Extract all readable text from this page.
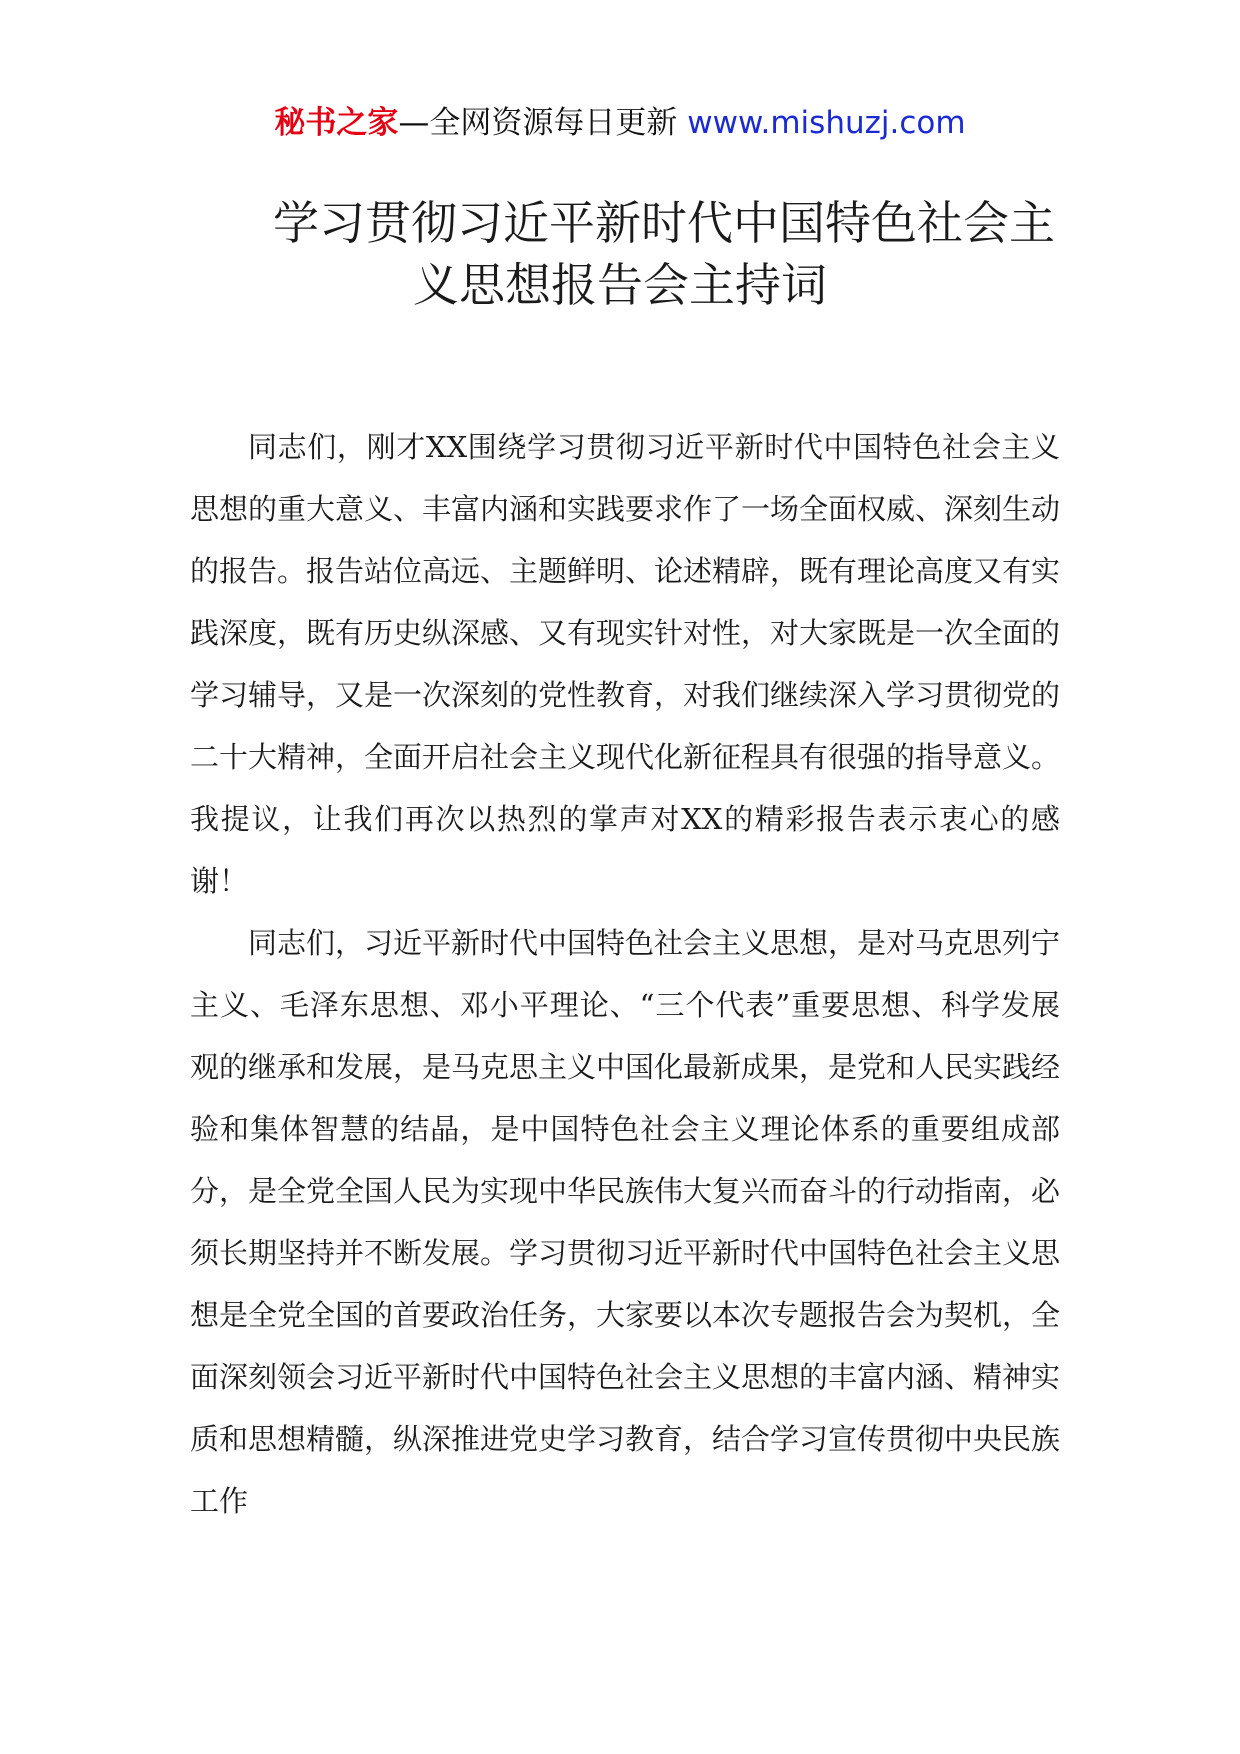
秘书之家—全网资源每日更新 www.mishuzj.com
学习贯彻习近平新时代中国特色社会主
义思想报告会主持词

同志们，刚才XX围绕学习贯彻习近平新时代中国特色社会主义思想的重大意义、丰富内涵和实践要求作了一场全面权威、深刻生动的报告。报告站位高远、主题鲜明、论述精辟，既有理论高度又有实践深度，既有历史纵深感、又有现实针对性，对大家既是一次全面的学习辅导，又是一次深刻的党性教育，对我们继续深入学习贯彻党的二十大精神，全面开启社会主义现代化新征程具有很强的指导意义。我提议，让我们再次以热烈的掌声对XX的精彩报告表示衷心的感谢！

同志们，习近平新时代中国特色社会主义思想，是对马克思列宁主义、毛泽东思想、邓小平理论、“三个代表”重要思想、科学发展观的继承和发展，是马克思主义中国化最新成果，是党和人民实践经验和集体智慧的结晶，是中国特色社会主义理论体系的重要组成部分，是全党全国人民为实现中华民族伟大复兴而奋斗的行动指南，必须长期坚持并不断发展。学习贯彻习近平新时代中国特色社会主义思想是全党全国的首要政治任务，大家要以本次专题报告会为契机，全面深刻领会习近平新时代中国特色社会主义思想的丰富内涵、精神实质和思想精髓，纵深推进党史学习教育，结合学习宣传贯彻中央民族工作
